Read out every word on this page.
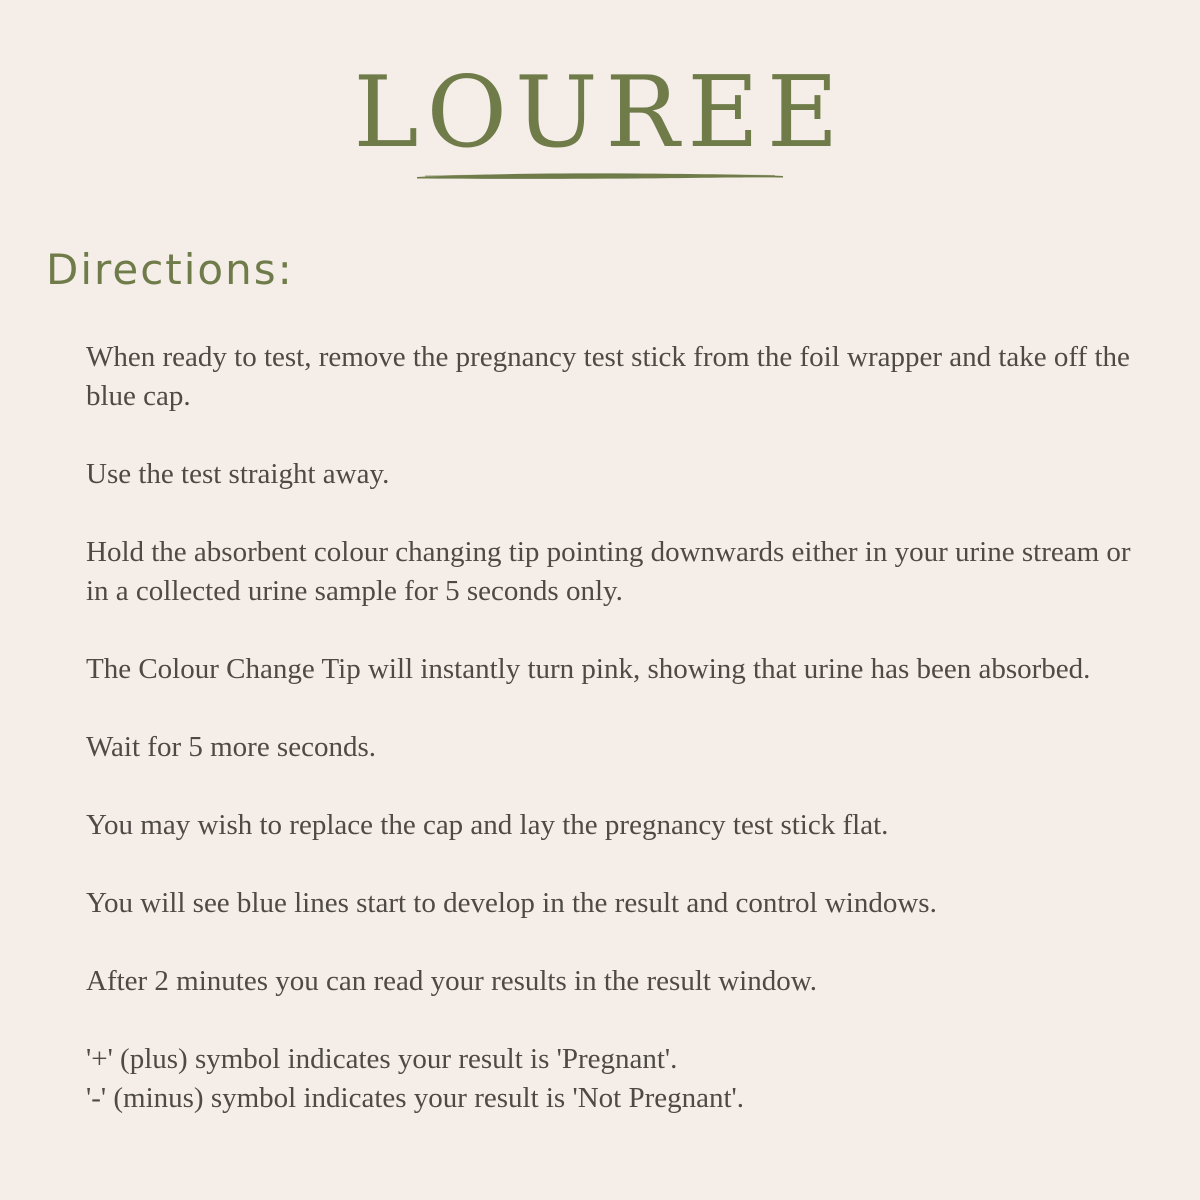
LOUREE
Directions:

When ready to test, remove the pregnancy test stick from the foil wrapper and take off the blue cap.

Use the test straight away.

Hold the absorbent colour changing tip pointing downwards either in your urine stream or in a collected urine sample for 5 seconds only.

The Colour Change Tip will instantly turn pink, showing that urine has been absorbed.

Wait for 5 more seconds.

You may wish to replace the cap and lay the pregnancy test stick flat.

You will see blue lines start to develop in the result and control windows.

After 2 minutes you can read your results in the result window.

'+' (plus) symbol indicates your result is 'Pregnant'.
'-' (minus) symbol indicates your result is 'Not Pregnant'.
